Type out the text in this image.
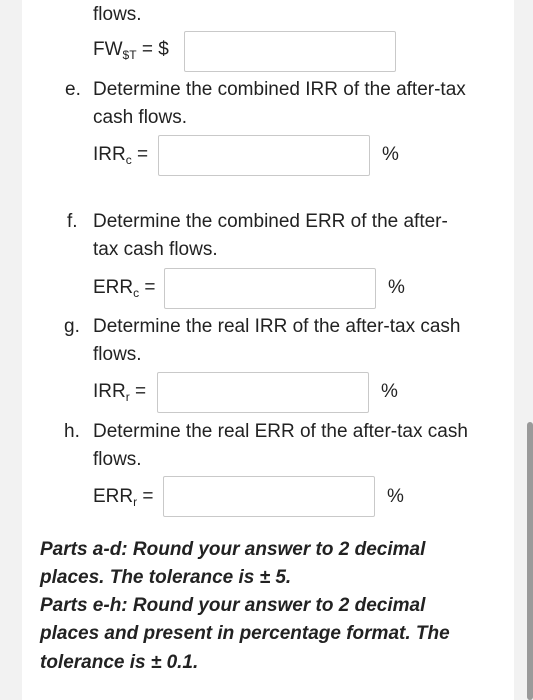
flows.
$FW_{\$T}$ = $
e. Determine the combined IRR of the after-tax
cash flows.
$IRR_c$ =	%
f. Determine the combined ERR of the after-
tax cash flows.
$ERR_c$ =	%
g. Determine the real IRR of the after-tax cash
flows.
$IRR_r$ =	%
h. Determine the real ERR of the after-tax cash
flows.
$ERR_r$ =	%
Parts a-d: Round your answer to 2 decimal
places. The tolerance is ± 5.
Parts e-h: Round your answer to 2 decimal
places and present in percentage format. The
tolerance is ± 0.1.
